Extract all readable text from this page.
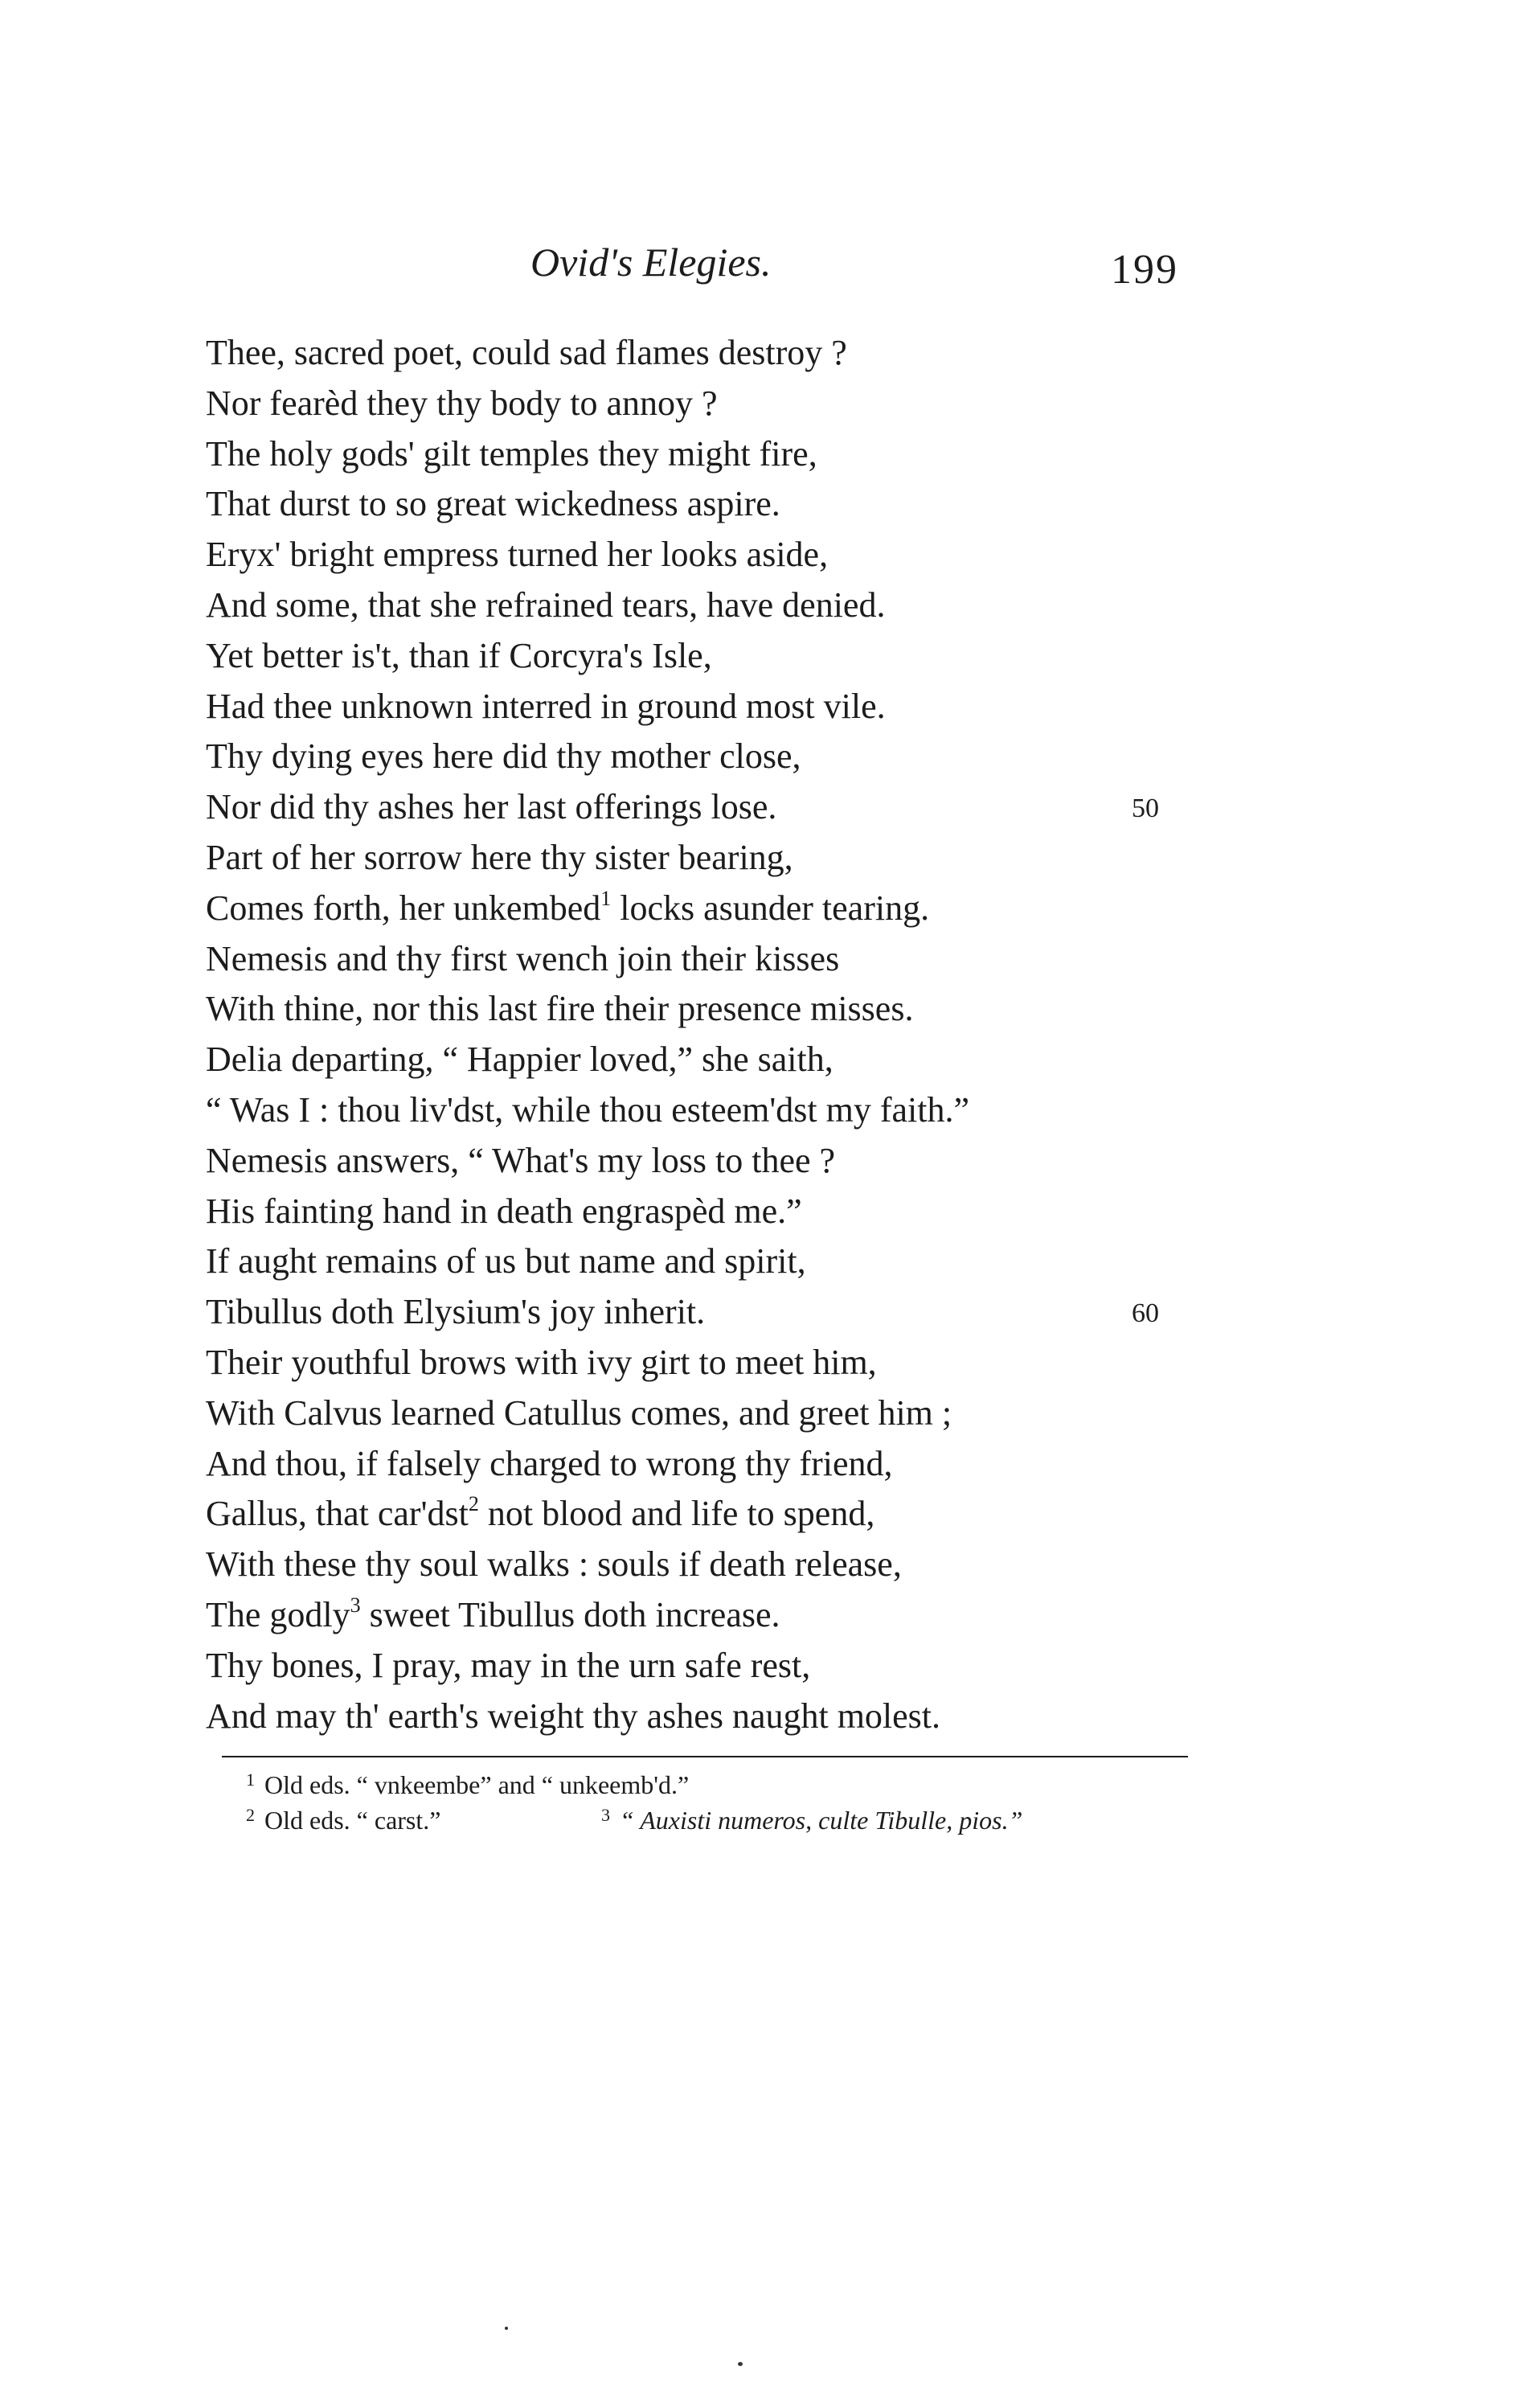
Ovid's Elegies.	199
Thee, sacred poet, could sad flames destroy ?
Nor fearèd they thy body to annoy ?
The holy gods' gilt temples they might fire,
That durst to so great wickedness aspire.
Eryx' bright empress turned her looks aside,
And some, that she refrained tears, have denied.
Yet better is't, than if Corcyra's Isle,
Had thee unknown interred in ground most vile.
Thy dying eyes here did thy mother close,
Nor did thy ashes her last offerings lose.	50
Part of her sorrow here thy sister bearing,
Comes forth, her unkembed$^1$ locks asunder tearing.
Nemesis and thy first wench join their kisses
With thine, nor this last fire their presence misses.
Delia departing, “ Happier loved,” she saith,
“ Was I : thou liv'dst, while thou esteem'dst my faith.”
Nemesis answers, “ What's my loss to thee ?
His fainting hand in death engraspèd me.”
If aught remains of us but name and spirit,
Tibullus doth Elysium's joy inherit.	60
Their youthful brows with ivy girt to meet him,
With Calvus learned Catullus comes, and greet him ;
And thou, if falsely charged to wrong thy friend,
Gallus, that car'dst$^2$ not blood and life to spend,
With these thy soul walks : souls if death release,
The godly$^3$ sweet Tibullus doth increase.
Thy bones, I pray, may in the urn safe rest,
And may th' earth's weight thy ashes naught molest.
$^1$ Old eds. “ vnkeembe” and “ unkeemb'd.”
$^2$ Old eds. “ carst.”	$^3$ “ Auxisti numeros, culte Tibulle, pios.”
